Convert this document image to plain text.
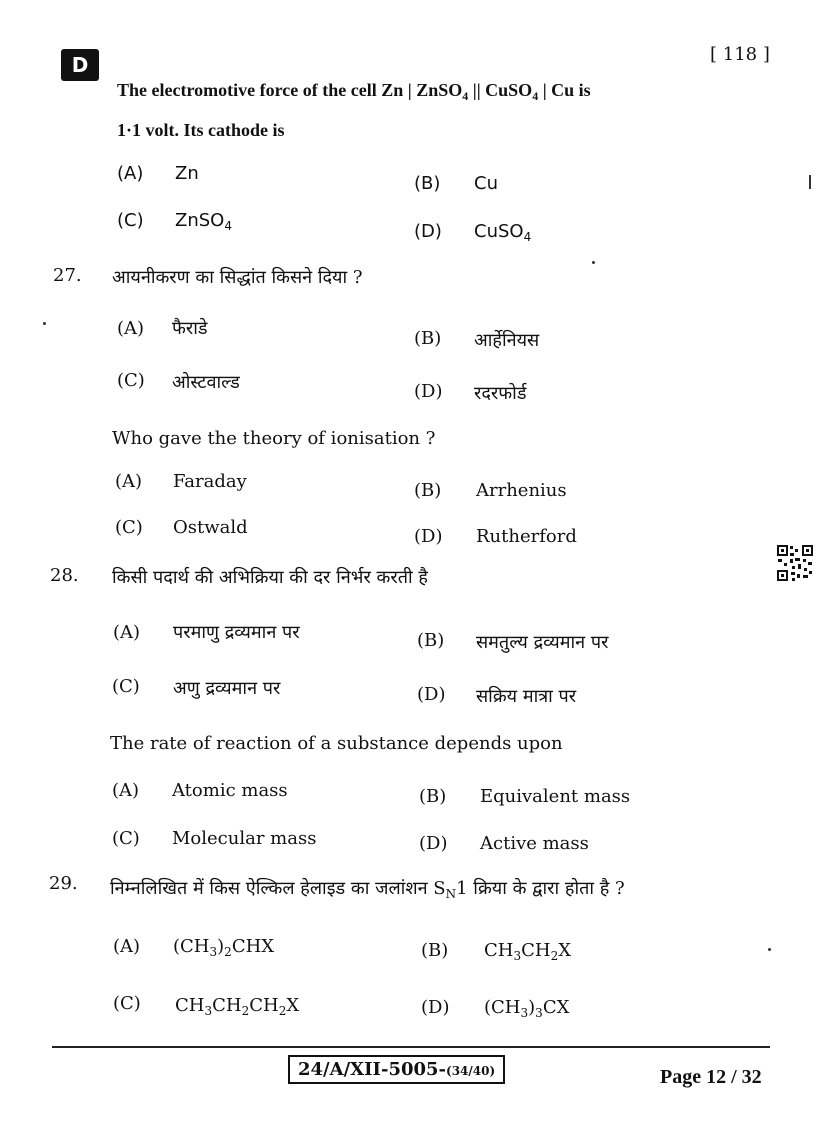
D	[ 118 ]
The electromotive force of the cell Zn | ZnSO$_4$ || CuSO$_4$ | Cu is
1·1 volt. Its cathode is
(A) Zn	(B) Cu
(C) ZnSO$_4$	(D) CuSO$_4$
27. आयनीकरण का सिद्धांत किसने दिया ?
(A) फैराडे	(B) आर्हेनियस
(C) ओस्टवाल्ड	(D) रदरफोर्ड
Who gave the theory of ionisation ?
(A) Faraday	(B) Arrhenius
(C) Ostwald	(D) Rutherford
28. किसी पदार्थ की अभिक्रिया की दर निर्भर करती है
(A) परमाणु द्रव्यमान पर	(B) समतुल्य द्रव्यमान पर
(C) अणु द्रव्यमान पर	(D) सक्रिय मात्रा पर
The rate of reaction of a substance depends upon
(A) Atomic mass	(B) Equivalent mass
(C) Molecular mass	(D) Active mass
29. निम्नलिखित में किस ऐल्किल हेलाइड का जलांशन $S_N1$ क्रिया के द्वारा होता है ?
(A) $(CH_3)_2CHX$	(B) $CH_3CH_2X$
(C) $CH_3CH_2CH_2X$	(D) $(CH_3)_3CX$
24/A/XII-5005-(34/40)	Page 12 / 32
